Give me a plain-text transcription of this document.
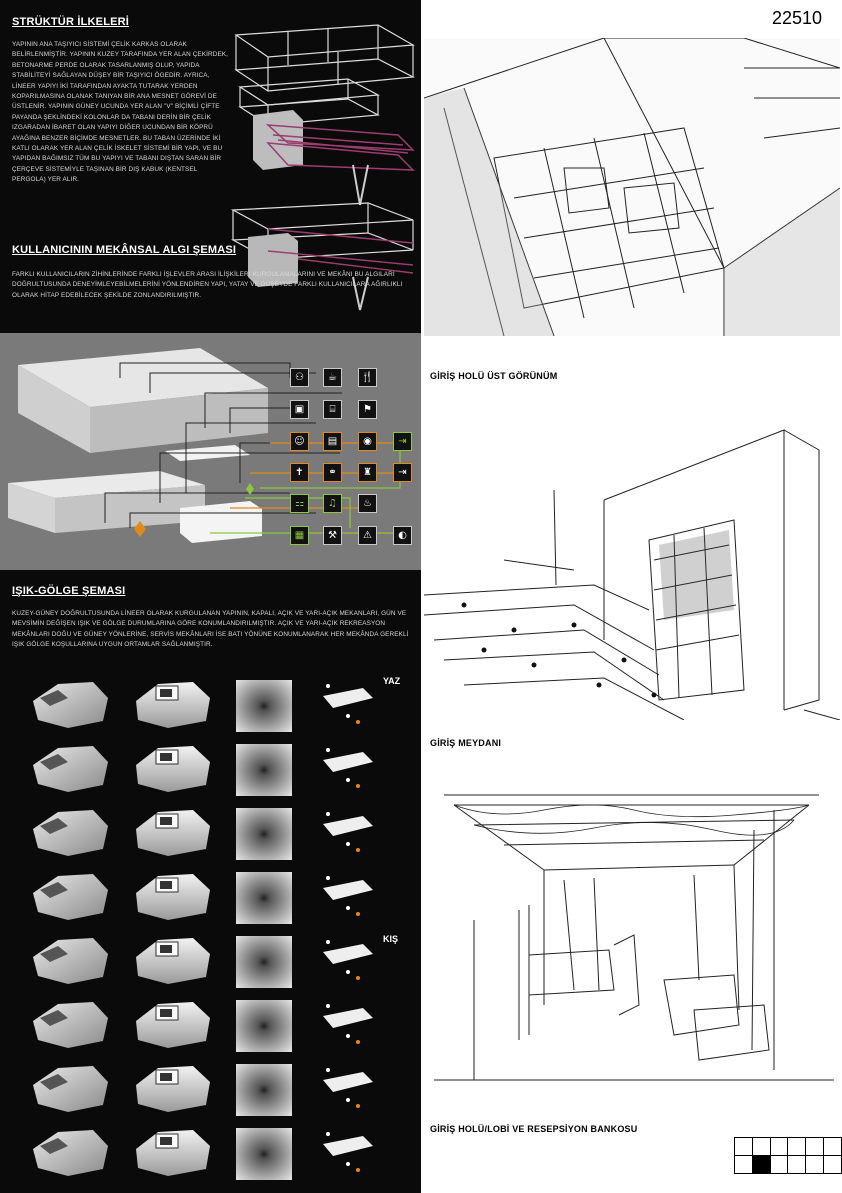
STRÜKTÜR İLKELERİ
YAPININ ANA TAŞIYICI SİSTEMİ ÇELİK KARKAS OLARAK BELİRLENMİŞTİR. YAPININ KUZEY TARAFINDA YER ALAN ÇEKİRDEK, BETONARME PERDE OLARAK TASARLANMIŞ OLUP, YAPIDA STABİLİTEYİ SAĞLAYAN DÜŞEY BİR TAŞIYICI ÖGEDİR. AYRICA, LİNEER YAPIYI İKİ TARAFINDAN AYAKTA TUTARAK YERDEN KOPARILMASINA OLANAK TANIYAN BİR ANA MESNET GÖREVİ DE ÜSTLENİR. YAPININ GÜNEY UCUNDA YER ALAN "V" BİÇİMLİ ÇİFTE PAYANDA ŞEKLİNDEKİ KOLONLAR DA TABANI DERİN BİR ÇELİK IZGARADAN İBARET OLAN YAPIYI DİĞER UCUNDAN BİR KÖPRÜ AYAĞINA BENZER BİÇİMDE MESNETLER. BU TABAN ÜZERİNDE İKİ KATLI OLARAK YER ALAN ÇELİK İSKELET SİSTEMİ BİR YAPI, VE BU YAPIDAN BAĞIMSIZ TÜM BU YAPIYI VE TABANI DIŞTAN SARAN BİR ÇERÇEVE SİSTEMİYLE TAŞINAN BİR DIŞ KABUK (KENTSEL PERGOLA) YER ALIR.
KULLANICININ MEKÂNSAL ALGI ŞEMASI
FARKLI KULLANICILARIN ZİHİNLERİNDE FARKLI İŞLEVLER ARASI İLİŞKİLERİ KURGULAMALARINI VE MEKÂNI BU ALGILARI DOĞRULTUSUNDA DENEYİMLEYEBİLMELERİNİ YÖNLENDİREN YAPI, YATAY VE DÜŞEYDE FARKLI KULLANICILARA AĞIRLIKLI OLARAK HİTAP EDEBİLECEK ŞEKİLDE ZONLANDIRILMIŞTIR.
⚇	☕	🍴
▣	⌸	⚑
☺	▤	◉	⇥
✝	⚭	♜	⇥
⚏	♫	♨
▦	⚒	⚠	◐
IŞIK-GÖLGE ŞEMASI
KUZEY-GÜNEY DOĞRULTUSUNDA LİNEER OLARAK KURGULANAN YAPININ, KAPALI, AÇIK VE YARI-AÇIK MEKANLARI, GÜN VE MEVSİMİN DEĞİŞEN IŞIK VE GÖLGE DURUMLARINA GÖRE KONUMLANDIRILMIŞTIR. AÇIK VE YARI-AÇIK REKREASYON MEKÂNLARI DOĞU VE GÜNEY YÖNLERİNE, SERVİS MEKÂNLARI İSE BATI YÖNÜNE KONUMLANARAK HER MEKÂNDA GEREKLİ IŞIK GÖLGE KOŞULLARINA UYGUN ORTAMLAR SAĞLANMIŞTIR.
YAZ
KIŞ
22510
GİRİŞ HOLÜ ÜST GÖRÜNÜM
GİRİŞ MEYDANI
GİRİŞ HOLÜ/LOBİ VE RESEPSİYON BANKOSU
